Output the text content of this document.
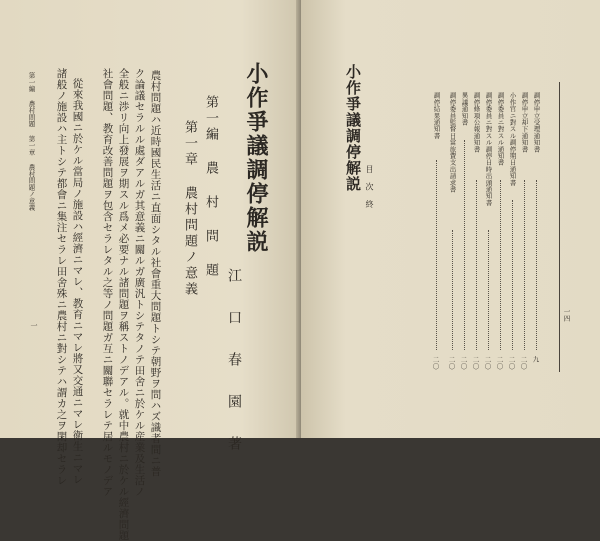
小作爭議調停解説
第一編 農 村 問 題
第一章 農村問題ノ意義
江 口 春 園 著
農村問題ハ近時國民生活ニ直面シタル社會重大問題トシテ朝野ヲ問ハズ識者間ニ普
ク論議セラルル處ダアルガ其意義ニ關ルガ廣汎トシテタノテ田舍ニ於ケル産業及生活ノ
全般ニ渉リ向上發展ヲ期スル爲メ必要ナル諸問題ヲ稱ストノデアル。就中農村ニ於ケル經濟問題
社會問題、教育改善問題ヲ包含セラレタル之等ノ問題ガ互ニ關聯セラレテ居ルモノデア
從來我國ニ於ケル當局ノ施設ハ經濟ニマレ、教育ニマレ將又交通ニマレ衛生ニマレ
諸般ノ施設ハ主トシテ都會ニ集注セラレ田舍殊ニ農村ニ對シテハ謂カ之ヲ閑却セラレ
第一編 農村問題 第一章 農村問題ノ意義
一
小作爭議調停解説 目 次 終
調停申立受理通知書
調停申立却下通知書
小作官ニ對スル調停期日通知書
調停委員ニ對スル通知書
調停委員ニ對スル調停日時出頭通知書
調停條項公報通知書
異議通知書
調停委員監督日當旅費支出請求書
調停結果通知書
九
二〇
二〇
二〇
二〇
二〇
二〇
二〇
二〇
一四
